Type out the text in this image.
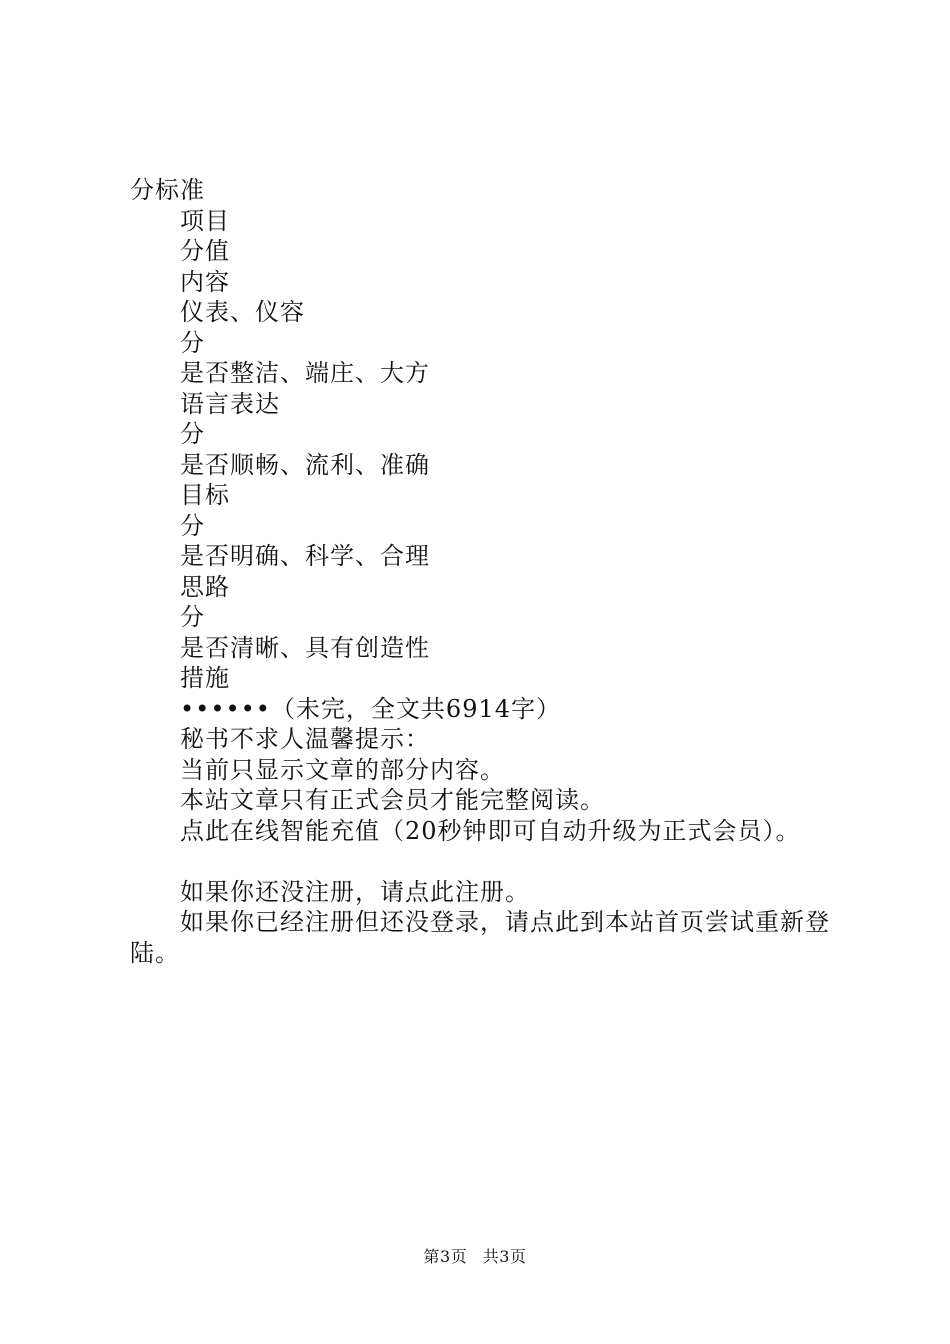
分标准
项目
分值
内容
仪表、仪容
分
是否整洁、端庄、大方
语言表达
分
是否顺畅、流利、准确
目标
分
是否明确、科学、合理
思路
分
是否清晰、具有创造性
措施
••••••（未完，全文共6914字）
秘书不求人温馨提示：
当前只显示文章的部分内容。
本站文章只有正式会员才能完整阅读。
点此在线智能充值（20秒钟即可自动升级为正式会员）。
如果你还没注册，请点此注册。
如果你已经注册但还没登录，请点此到本站首页尝试重新登陆。
第3页 共3页
